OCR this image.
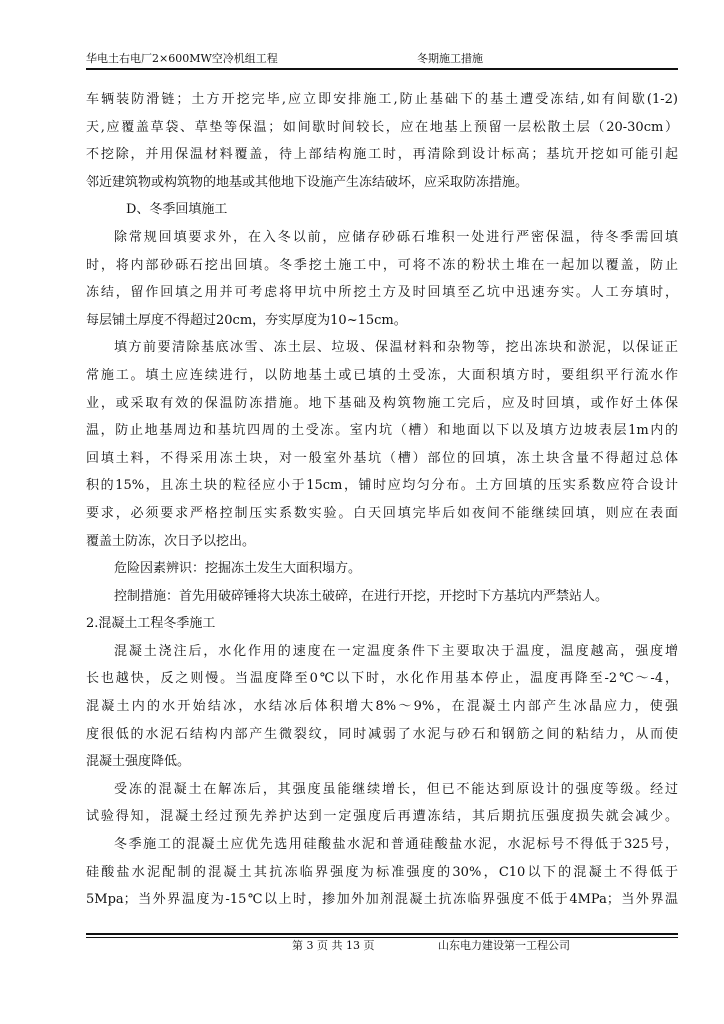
华电土右电厂2×600MW空冷机组工程	冬期施工措施
车辆装防滑链；土方开挖完毕,应立即安排施工,防止基础下的基土遭受冻结,如有间歇(1-2)
天,应覆盖草袋、草垫等保温；如间歇时间较长，应在地基上预留一层松散土层（20-30cm）
不挖除，并用保温材料覆盖，待上部结构施工时，再清除到设计标高；基坑开挖如可能引起
邻近建筑物或构筑物的地基或其他地下设施产生冻结破坏，应采取防冻措施。
D、冬季回填施工
除常规回填要求外，在入冬以前，应储存砂砾石堆积一处进行严密保温，待冬季需回填
时，将内部砂砾石挖出回填。冬季挖土施工中，可将不冻的粉状土堆在一起加以覆盖，防止
冻结，留作回填之用并可考虑将甲坑中所挖土方及时回填至乙坑中迅速夯实。人工夯填时，
每层铺土厚度不得超过20cm，夯实厚度为10~15cm。
填方前要清除基底冰雪、冻土层、垃圾、保温材料和杂物等，挖出冻块和淤泥，以保证正
常施工。填土应连续进行，以防地基土或已填的土受冻，大面积填方时，要组织平行流水作
业，或采取有效的保温防冻措施。地下基础及构筑物施工完后，应及时回填，或作好土体保
温，防止地基周边和基坑四周的土受冻。室内坑（槽）和地面以下以及填方边坡表层1m内的
回填土料，不得采用冻土块，对一般室外基坑（槽）部位的回填，冻土块含量不得超过总体
积的15%，且冻土块的粒径应小于15cm，铺时应均匀分布。土方回填的压实系数应符合设计
要求，必须要求严格控制压实系数实验。白天回填完毕后如夜间不能继续回填，则应在表面
覆盖土防冻，次日予以挖出。
危险因素辨识：挖掘冻土发生大面积塌方。
控制措施：首先用破碎锤将大块冻土破碎，在进行开挖，开挖时下方基坑内严禁站人。
2.混凝土工程冬季施工
混凝土浇注后，水化作用的速度在一定温度条件下主要取决于温度，温度越高，强度增
长也越快，反之则慢。当温度降至0℃以下时，水化作用基本停止，温度再降至-2℃～-4，
混凝土内的水开始结冰，水结冰后体积增大8%～9%，在混凝土内部产生冰晶应力，使强
度很低的水泥石结构内部产生微裂纹，同时减弱了水泥与砂石和钢筋之间的粘结力，从而使
混凝土强度降低。
受冻的混凝土在解冻后，其强度虽能继续增长，但已不能达到原设计的强度等级。经过
试验得知，混凝土经过预先养护达到一定强度后再遭冻结，其后期抗压强度损失就会减少。
冬季施工的混凝土应优先选用硅酸盐水泥和普通硅酸盐水泥，水泥标号不得低于325号，
硅酸盐水泥配制的混凝土其抗冻临界强度为标准强度的30%，C10以下的混凝土不得低于
5Mpa；当外界温度为-15℃以上时，掺加外加剂混凝土抗冻临界强度不低于4MPa；当外界温
第 3 页 共 13 页	山东电力建设第一工程公司
